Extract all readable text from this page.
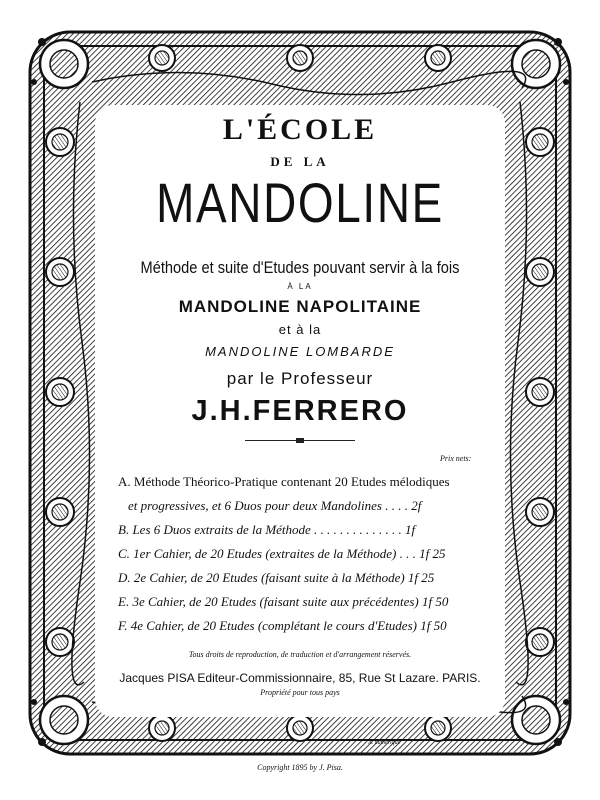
L'ÉCOLE
DE LA
MANDOLINE
Méthode et suite d'Etudes pouvant servir à la fois
À LA
MANDOLINE NAPOLITAINE
et à la
MANDOLINE LOMBARDE
par le Professeur
J.H.FERRERO
Prix nets:
A. Méthode Théorico-Pratique contenant 20 Etudes mélodiques
et progressives, et 6 Duos pour deux Mandolines . . . . 2f
B. Les 6 Duos extraits de la Méthode . . . . . . . . . . . . . . 1f
C. 1er Cahier, de 20 Etudes (extraites de la Méthode) . . . 1f 25
D. 2e Cahier, de 20 Etudes (faisant suite à la Méthode) 1f 25
E. 3e Cahier, de 20 Etudes (faisant suite aux précédentes) 1f 50
F. 4e Cahier, de 20 Etudes (complétant le cours d'Etudes) 1f 50
Tous droits de reproduction, de traduction et d'arrangement réservés.
Jacques PISA Editeur-Commissionnaire, 85, Rue St Lazare. PARIS.
Propriété pour tous pays
A. numérique
Copyright 1895 by J. Pisa.
